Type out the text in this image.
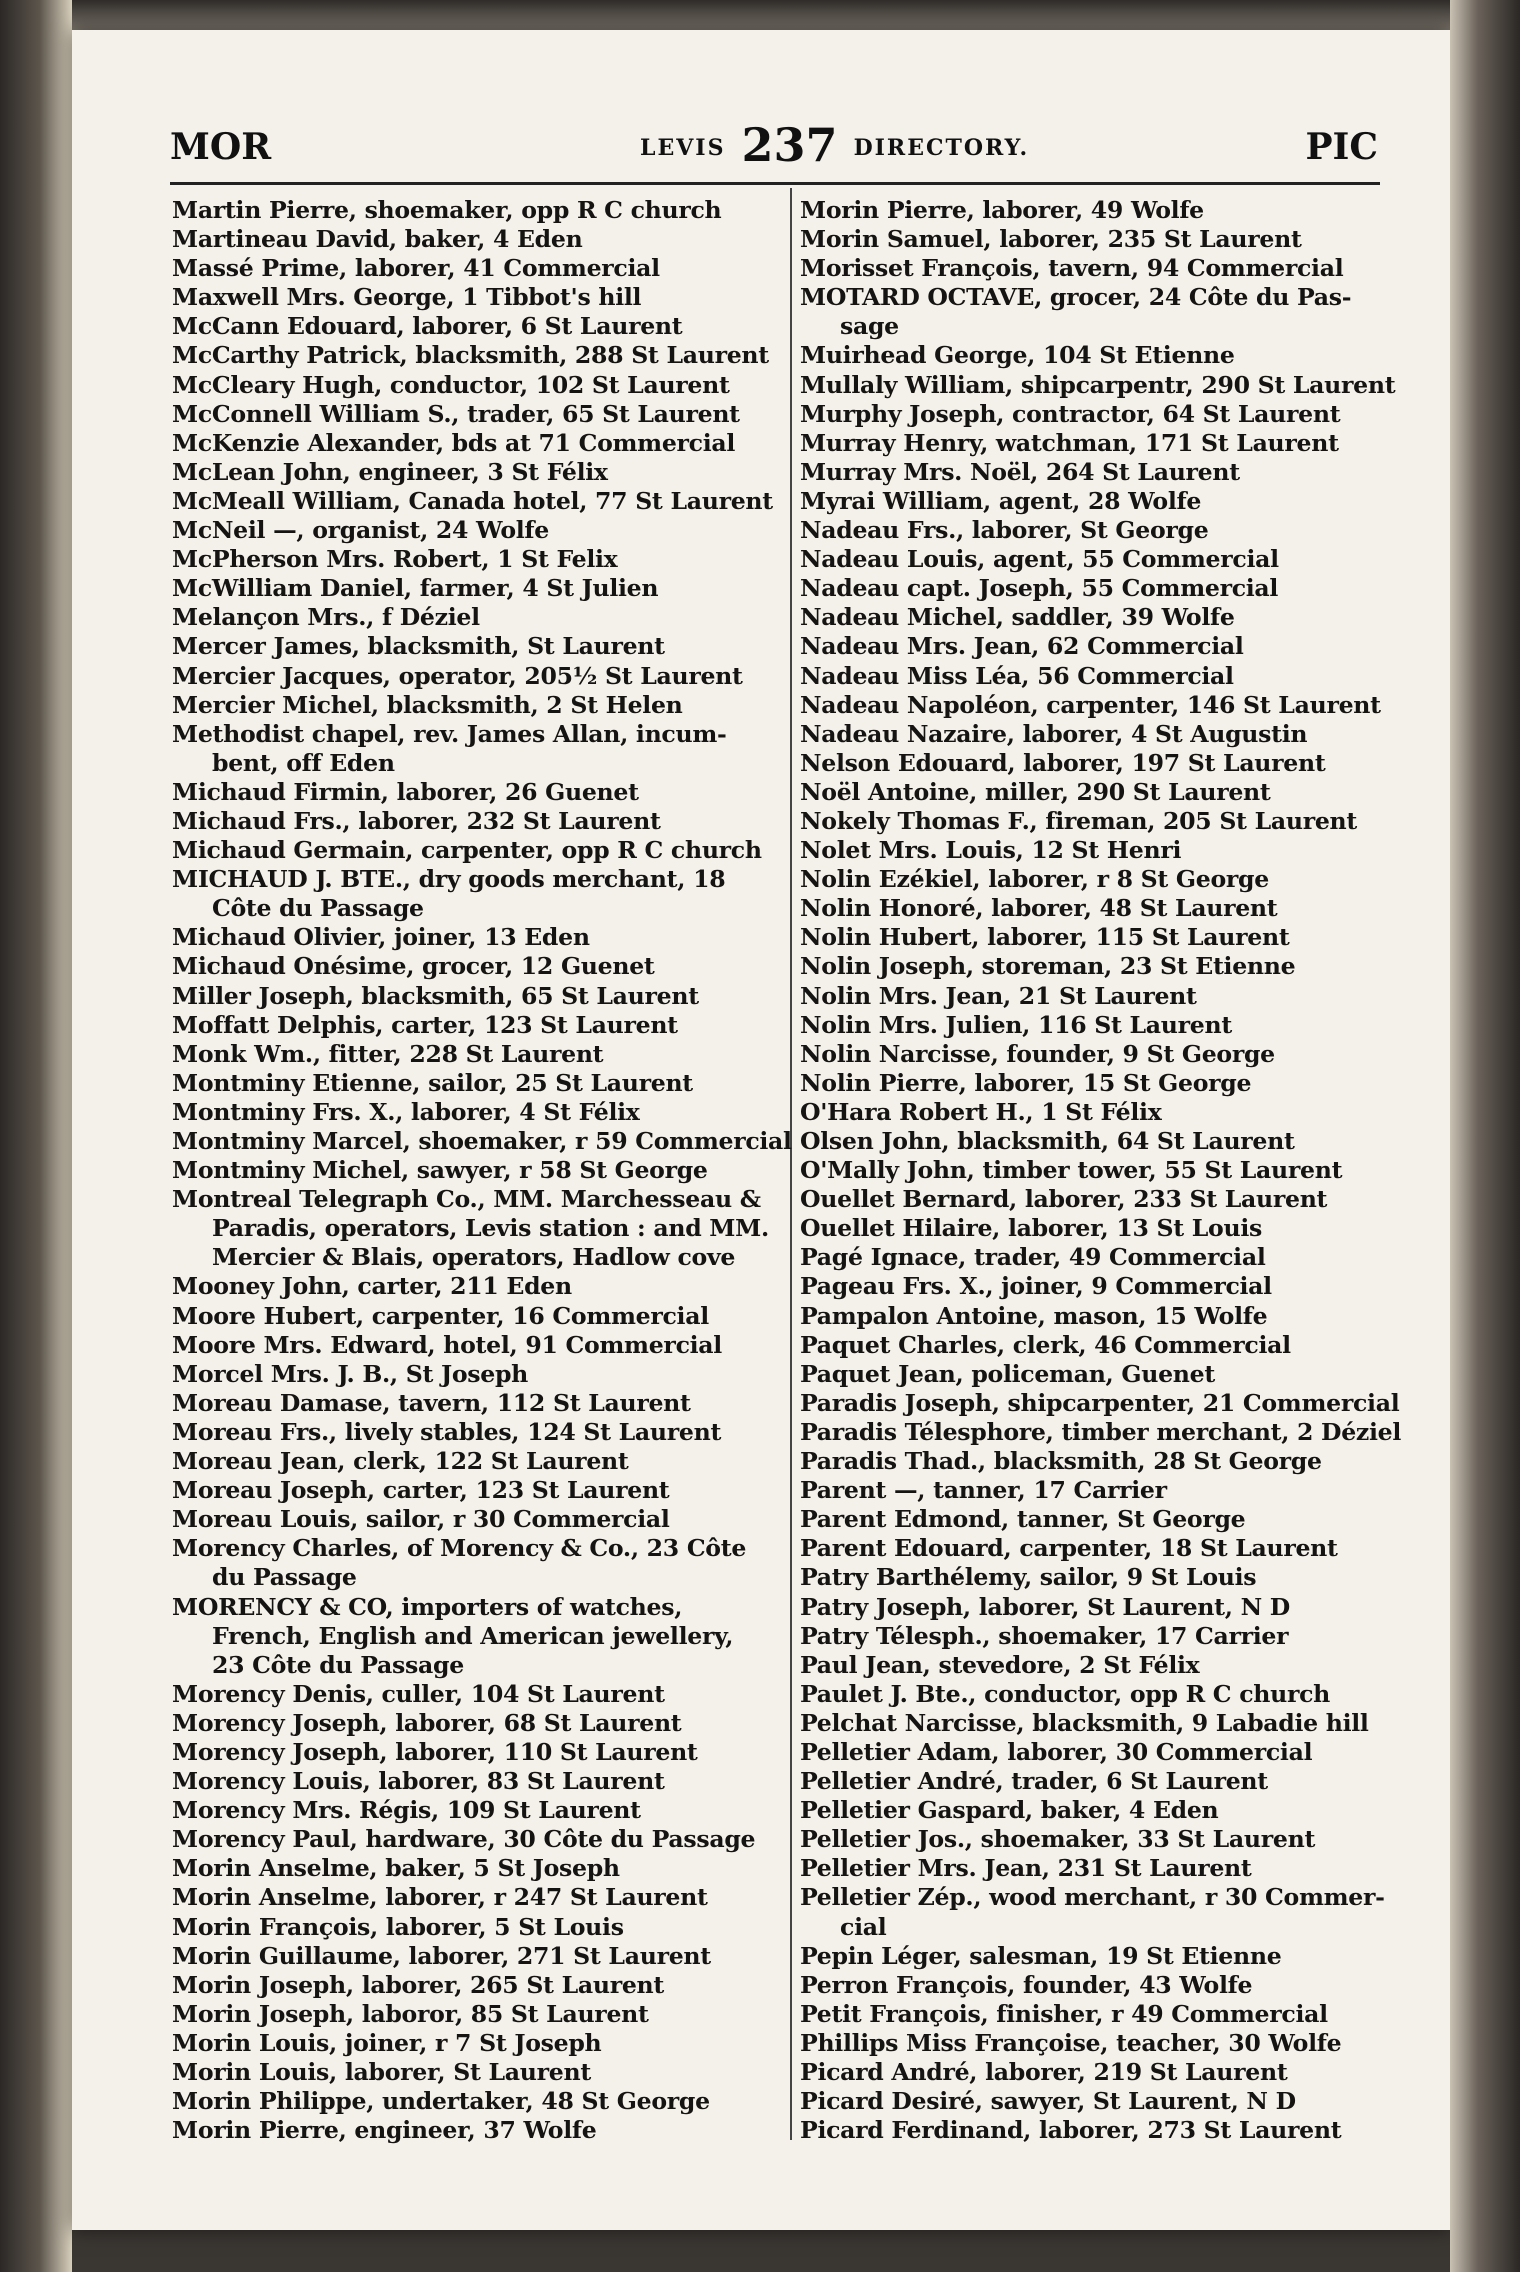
MOR	LEVIS 237 DIRECTORY.	PIC
Martin Pierre, shoemaker, opp R C church
Martineau David, baker, 4 Eden
Massé Prime, laborer, 41 Commercial
Maxwell Mrs. George, 1 Tibbot's hill
McCann Edouard, laborer, 6 St Laurent
McCarthy Patrick, blacksmith, 288 St Laurent
McCleary Hugh, conductor, 102 St Laurent
McConnell William S., trader, 65 St Laurent
McKenzie Alexander, bds at 71 Commercial
McLean John, engineer, 3 St Félix
McMeall William, Canada hotel, 77 St Laurent
McNeil —, organist, 24 Wolfe
McPherson Mrs. Robert, 1 St Felix
McWilliam Daniel, farmer, 4 St Julien
Melançon Mrs., f Déziel
Mercer James, blacksmith, St Laurent
Mercier Jacques, operator, 205½ St Laurent
Mercier Michel, blacksmith, 2 St Helen
Methodist chapel, rev. James Allan, incum-
bent, off Eden
Michaud Firmin, laborer, 26 Guenet
Michaud Frs., laborer, 232 St Laurent
Michaud Germain, carpenter, opp R C church
MICHAUD J. BTE., dry goods merchant, 18
Côte du Passage
Michaud Olivier, joiner, 13 Eden
Michaud Onésime, grocer, 12 Guenet
Miller Joseph, blacksmith, 65 St Laurent
Moffatt Delphis, carter, 123 St Laurent
Monk Wm., fitter, 228 St Laurent
Montminy Etienne, sailor, 25 St Laurent
Montminy Frs. X., laborer, 4 St Félix
Montminy Marcel, shoemaker, r 59 Commercial
Montminy Michel, sawyer, r 58 St George
Montreal Telegraph Co., MM. Marchesseau &
Paradis, operators, Levis station : and MM.
Mercier & Blais, operators, Hadlow cove
Mooney John, carter, 211 Eden
Moore Hubert, carpenter, 16 Commercial
Moore Mrs. Edward, hotel, 91 Commercial
Morcel Mrs. J. B., St Joseph
Moreau Damase, tavern, 112 St Laurent
Moreau Frs., lively stables, 124 St Laurent
Moreau Jean, clerk, 122 St Laurent
Moreau Joseph, carter, 123 St Laurent
Moreau Louis, sailor, r 30 Commercial
Morency Charles, of Morency & Co., 23 Côte
du Passage
MORENCY & CO, importers of watches,
French, English and American jewellery,
23 Côte du Passage
Morency Denis, culler, 104 St Laurent
Morency Joseph, laborer, 68 St Laurent
Morency Joseph, laborer, 110 St Laurent
Morency Louis, laborer, 83 St Laurent
Morency Mrs. Régis, 109 St Laurent
Morency Paul, hardware, 30 Côte du Passage
Morin Anselme, baker, 5 St Joseph
Morin Anselme, laborer, r 247 St Laurent
Morin François, laborer, 5 St Louis
Morin Guillaume, laborer, 271 St Laurent
Morin Joseph, laborer, 265 St Laurent
Morin Joseph, laboror, 85 St Laurent
Morin Louis, joiner, r 7 St Joseph
Morin Louis, laborer, St Laurent
Morin Philippe, undertaker, 48 St George
Morin Pierre, engineer, 37 Wolfe
Morin Pierre, laborer, 49 Wolfe
Morin Samuel, laborer, 235 St Laurent
Morisset François, tavern, 94 Commercial
MOTARD OCTAVE, grocer, 24 Côte du Pas-
sage
Muirhead George, 104 St Etienne
Mullaly William, shipcarpentr, 290 St Laurent
Murphy Joseph, contractor, 64 St Laurent
Murray Henry, watchman, 171 St Laurent
Murray Mrs. Noël, 264 St Laurent
Myrai William, agent, 28 Wolfe
Nadeau Frs., laborer, St George
Nadeau Louis, agent, 55 Commercial
Nadeau capt. Joseph, 55 Commercial
Nadeau Michel, saddler, 39 Wolfe
Nadeau Mrs. Jean, 62 Commercial
Nadeau Miss Léa, 56 Commercial
Nadeau Napoléon, carpenter, 146 St Laurent
Nadeau Nazaire, laborer, 4 St Augustin
Nelson Edouard, laborer, 197 St Laurent
Noël Antoine, miller, 290 St Laurent
Nokely Thomas F., fireman, 205 St Laurent
Nolet Mrs. Louis, 12 St Henri
Nolin Ezékiel, laborer, r 8 St George
Nolin Honoré, laborer, 48 St Laurent
Nolin Hubert, laborer, 115 St Laurent
Nolin Joseph, storeman, 23 St Etienne
Nolin Mrs. Jean, 21 St Laurent
Nolin Mrs. Julien, 116 St Laurent
Nolin Narcisse, founder, 9 St George
Nolin Pierre, laborer, 15 St George
O'Hara Robert H., 1 St Félix
Olsen John, blacksmith, 64 St Laurent
O'Mally John, timber tower, 55 St Laurent
Ouellet Bernard, laborer, 233 St Laurent
Ouellet Hilaire, laborer, 13 St Louis
Pagé Ignace, trader, 49 Commercial
Pageau Frs. X., joiner, 9 Commercial
Pampalon Antoine, mason, 15 Wolfe
Paquet Charles, clerk, 46 Commercial
Paquet Jean, policeman, Guenet
Paradis Joseph, shipcarpenter, 21 Commercial
Paradis Télesphore, timber merchant, 2 Déziel
Paradis Thad., blacksmith, 28 St George
Parent —, tanner, 17 Carrier
Parent Edmond, tanner, St George
Parent Edouard, carpenter, 18 St Laurent
Patry Barthélemy, sailor, 9 St Louis
Patry Joseph, laborer, St Laurent, N D
Patry Télesph., shoemaker, 17 Carrier
Paul Jean, stevedore, 2 St Félix
Paulet J. Bte., conductor, opp R C church
Pelchat Narcisse, blacksmith, 9 Labadie hill
Pelletier Adam, laborer, 30 Commercial
Pelletier André, trader, 6 St Laurent
Pelletier Gaspard, baker, 4 Eden
Pelletier Jos., shoemaker, 33 St Laurent
Pelletier Mrs. Jean, 231 St Laurent
Pelletier Zép., wood merchant, r 30 Commer-
cial
Pepin Léger, salesman, 19 St Etienne
Perron François, founder, 43 Wolfe
Petit François, finisher, r 49 Commercial
Phillips Miss Françoise, teacher, 30 Wolfe
Picard André, laborer, 219 St Laurent
Picard Desiré, sawyer, St Laurent, N D
Picard Ferdinand, laborer, 273 St Laurent
